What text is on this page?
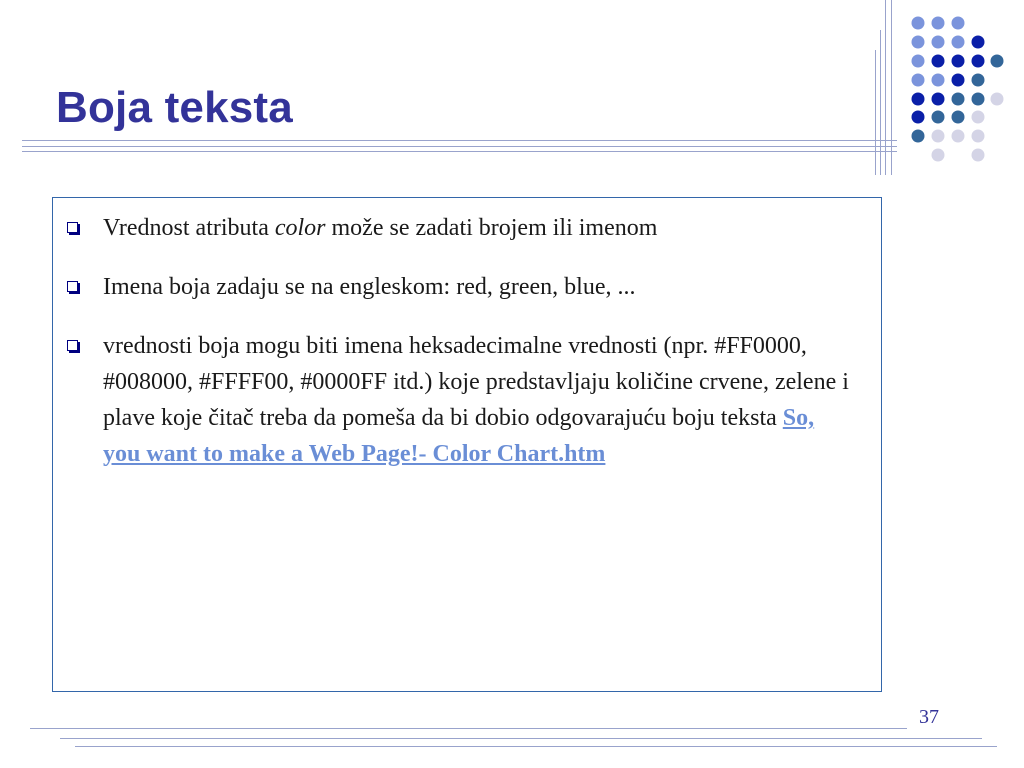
Boja teksta
Vrednost atributa color može se zadati brojem ili imenom
Imena boja zadaju se na engleskom: red, green, blue, ...
vrednosti boja mogu biti imena heksadecimalne vrednosti (npr. #FF0000, #008000, #FFFF00, #0000FF itd.) koje predstavljaju količine crvene, zelene i plave koje čitač treba da pomeša da bi dobio odgovarajuću boju teksta So, you want to make a Web Page!- Color Chart.htm
37
